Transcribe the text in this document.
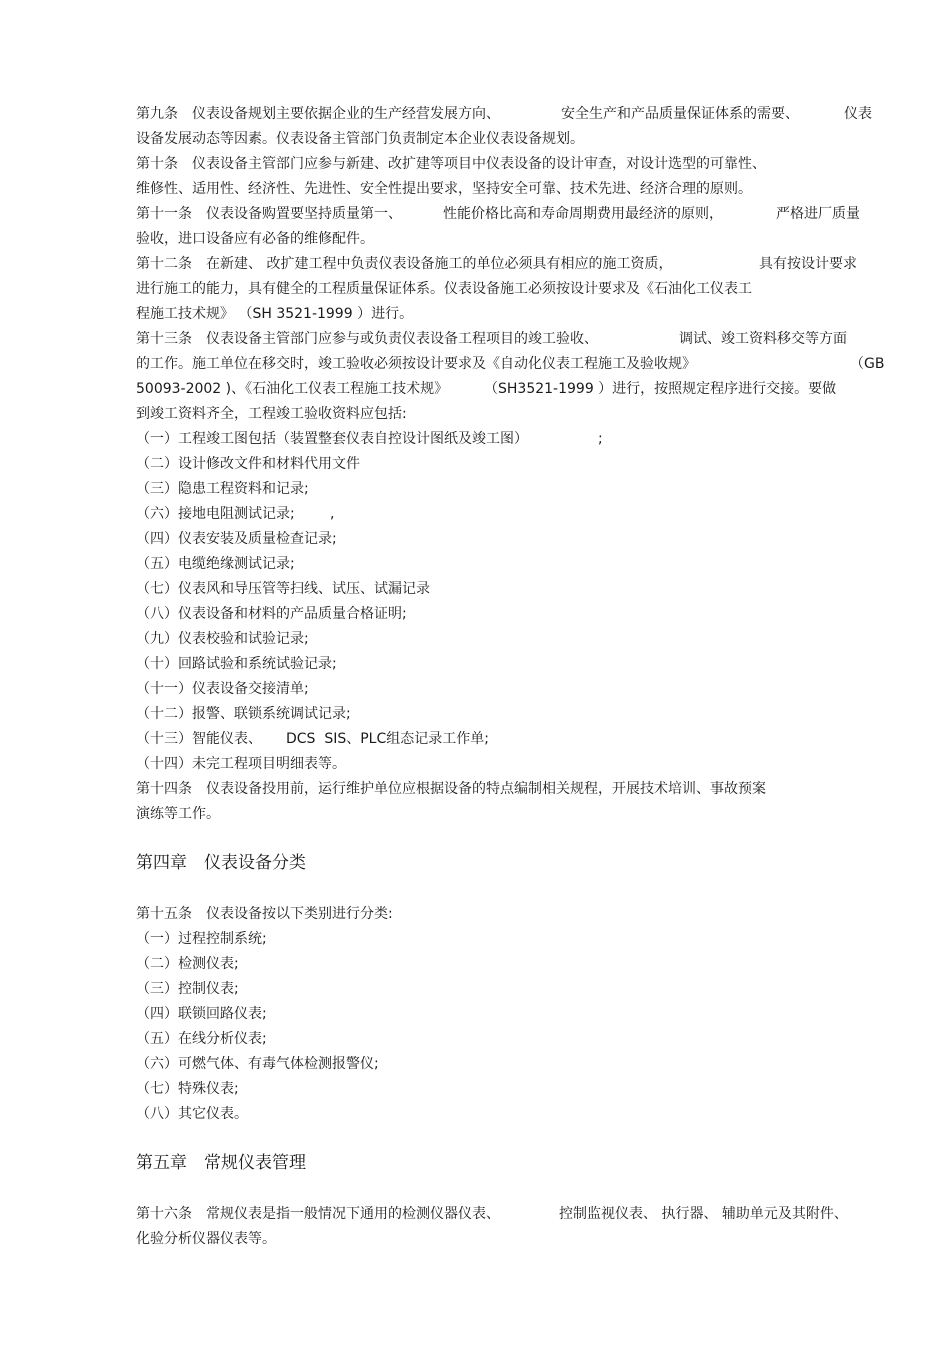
第九条　仪表设备规划主要依据企业的生产经营发展方向、

	安全生产和产品质量保证体系的需要、

	仪表

设备发展动态等因素。仪表设备主管部门负责制定本企业仪表设备规划。
第十条　仪表设备主管部门应参与新建、改扩建等项目中仪表设备的设计审查，对设计选型的可靠性、
维修性、适用性、经济性、先进性、安全性提出要求，坚持安全可靠、技术先进、经济合理的原则。

第十一条　仪表设备购置要坚持质量第一、

	性能价格比高和寿命周期费用最经济的原则，

	严格进厂质量

验收，进口设备应有必备的维修配件。

第十二条　在新建、 改扩建工程中负责仪表设备施工的单位必须具有相应的施工资质，

	具有按设计要求

进行施工的能力，具有健全的工程质量保证体系。仪表设备施工必须按设计要求及《石油化工仪表工
程施工技术规》 （SH 3521-1999 ）进行。

第十三条　仪表设备主管部门应参与或负责仪表设备工程项目的竣工验收、

	调试、竣工资料移交等方面

的工作。施工单位在移交时，竣工验收必须按设计要求及《自动化仪表工程施工及验收规》

	（GB

50093-2002 )、《石油化工仪表工程施工技术规》

	（SH3521-1999 ）进行，按照规定程序进行交接。要做

到竣工资料齐全，工程竣工验收资料应包括:

（一）工程竣工图包括（装置整套仪表自控设计图纸及竣工图）

	;

（二）设计修改文件和材料代用文件
（三）隐患工程资料和记录;

（六）接地电阻测试记录;

	,

（四）仪表安装及质量检查记录;
（五）电缆绝缘测试记录;
（七）仪表风和导压管等扫线、试压、试漏记录
（八）仪表设备和材料的产品质量合格证明;
（九）仪表校验和试验记录;
（十）回路试验和系统试验记录;
（十一）仪表设备交接清单;
（十二）报警、联锁系统调试记录;

（十三）智能仪表、

DCS  SIS、PLC组态记录工作单;

（十四）未完工程项目明细表等。
第十四条　仪表设备投用前，运行维护单位应根据设备的特点编制相关规程，开展技术培训、事故预案
演练等工作。
第四章　仪表设备分类
第十五条　仪表设备按以下类别进行分类:
（一）过程控制系统;
（二）检测仪表;
（三）控制仪表;
（四）联锁回路仪表;
（五）在线分析仪表;
（六）可燃气体、有毒气体检测报警仪;
（七）特殊仪表;
（八）其它仪表。
第五章　常规仪表管理

第十六条　常规仪表是指一般情况下通用的检测仪器仪表、

	控制监视仪表、 执行器、 辅助单元及其附件、

化验分析仪器仪表等。
